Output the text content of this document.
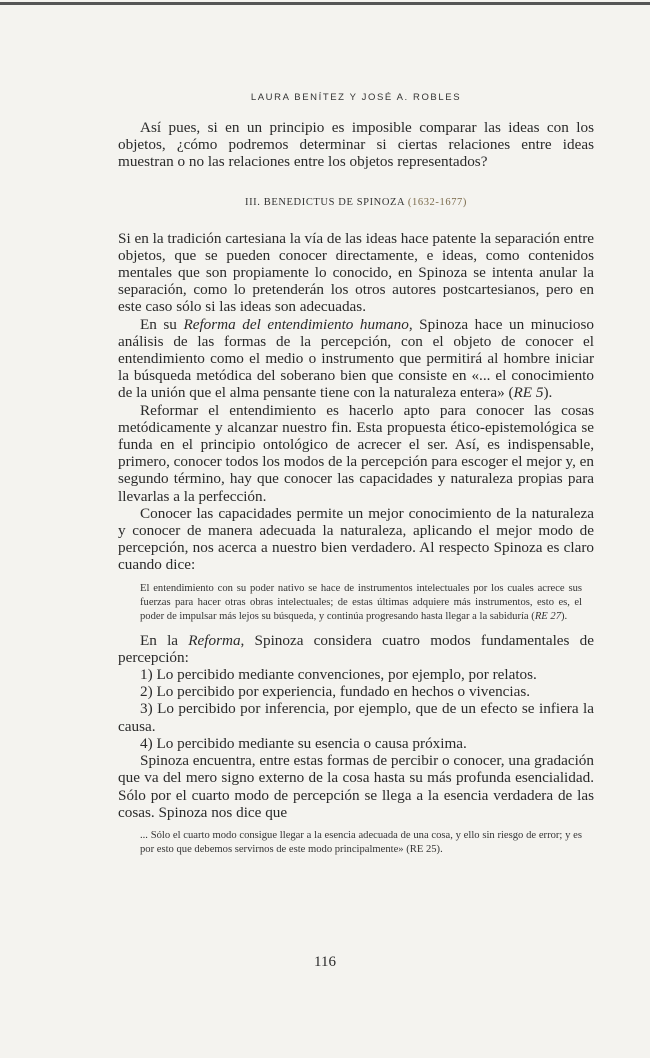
LAURA BENÍTEZ Y JOSÉ A. ROBLES

Así pues, si en un principio es imposible comparar las ideas con los objetos, ¿cómo podremos determinar si ciertas relaciones entre ideas muestran o no las relaciones entre los objetos representados?

III. BENEDICTUS DE SPINOZA (1632-1677)

Si en la tradición cartesiana la vía de las ideas hace patente la separación entre objetos, que se pueden conocer directamente, e ideas, como contenidos mentales que son propiamente lo conocido, en Spinoza se intenta anular la separación, como lo pretenderán los otros autores postcartesianos, pero en este caso sólo si las ideas son adecuadas.

En su Reforma del entendimiento humano, Spinoza hace un minucioso análisis de las formas de la percepción, con el objeto de conocer el entendimiento como el medio o instrumento que permitirá al hombre iniciar la búsqueda metódica del soberano bien que consiste en «... el conocimiento de la unión que el alma pensante tiene con la naturaleza entera» (RE 5).

Reformar el entendimiento es hacerlo apto para conocer las cosas metódicamente y alcanzar nuestro fin. Esta propuesta ético-epistemológica se funda en el principio ontológico de acrecer el ser. Así, es indispensable, primero, conocer todos los modos de la percepción para escoger el mejor y, en segundo término, hay que conocer las capacidades y naturaleza propias para llevarlas a la perfección.

Conocer las capacidades permite un mejor conocimiento de la naturaleza y conocer de manera adecuada la naturaleza, aplicando el mejor modo de percepción, nos acerca a nuestro bien verdadero. Al respecto Spinoza es claro cuando dice:

El entendimiento con su poder nativo se hace de instrumentos intelectuales por los cuales acrece sus fuerzas para hacer otras obras intelectuales; de estas últimas adquiere más instrumentos, esto es, el poder de impulsar más lejos su búsqueda, y continúa progresando hasta llegar a la sabiduría (RE 27).

En la Reforma, Spinoza considera cuatro modos fundamentales de percepción:

1) Lo percibido mediante convenciones, por ejemplo, por relatos.

2) Lo percibido por experiencia, fundado en hechos o vivencias.

3) Lo percibido por inferencia, por ejemplo, que de un efecto se infiera la causa.

4) Lo percibido mediante su esencia o causa próxima.

Spinoza encuentra, entre estas formas de percibir o conocer, una gradación que va del mero signo externo de la cosa hasta su más profunda esencialidad. Sólo por el cuarto modo de percepción se llega a la esencia verdadera de las cosas. Spinoza nos dice que

... Sólo el cuarto modo consigue llegar a la esencia adecuada de una cosa, y ello sin riesgo de error; y es por esto que debemos servirnos de este modo principalmente» (RE 25).
116
